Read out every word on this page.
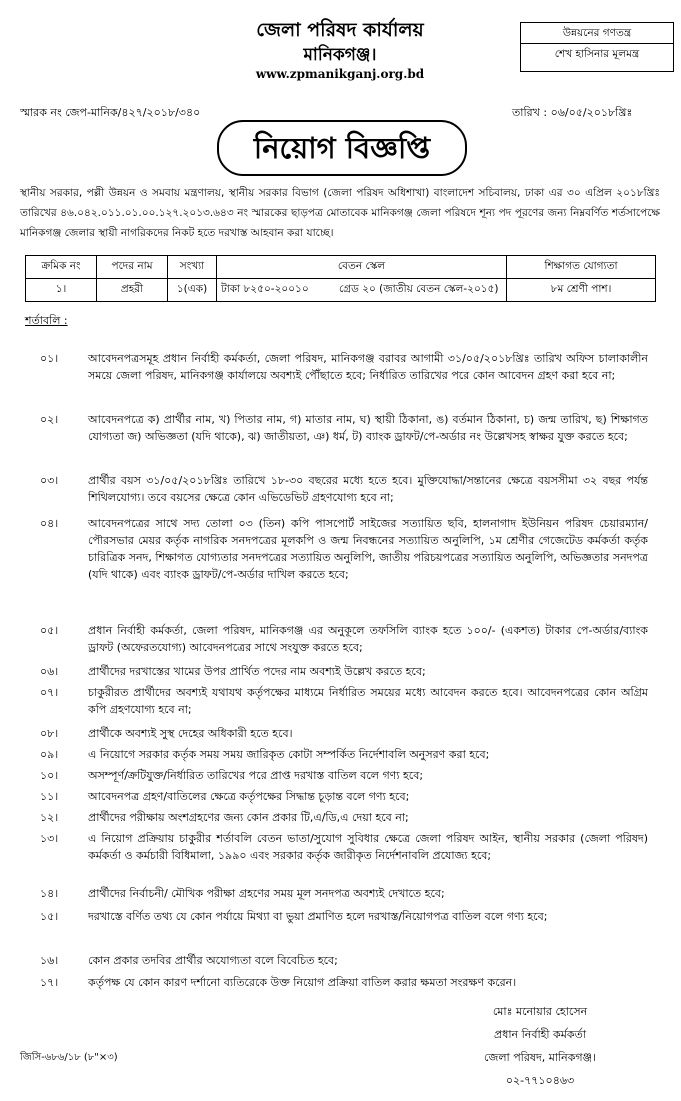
জেলা পরিষদ কার্যালয়
মানিকগঞ্জ।
www.zpmanikganj.org.bd
উন্নয়নের গণতন্ত্র
শেখ হাসিনার মূলমন্ত্র
স্মারক নং জেপ-মানিক/৪২৭/২০১৮/৩৪০	তারিখ : ০৬/০৫/২০১৮খ্রিঃ
নিয়োগ বিজ্ঞপ্তি
স্থানীয় সরকার, পল্লী উন্নয়ন ও সমবায় মন্ত্রণালয়, স্থানীয় সরকার বিভাগ (জেলা পরিষদ অধিশাখা) বাংলাদেশ সচিবালয়, ঢাকা এর ৩০ এপ্রিল ২০১৮খ্রিঃ তারিখের ৪৬.০৪২.০১১.০১.০০.১২৭.২০১৩.৬৪৩ নং স্মারকের ছাড়পত্র মোতাবেক মানিকগঞ্জ জেলা পরিষদে শূন্য পদ পূরণের জন্য নিম্নবর্ণিত শর্তসাপেক্ষে মানিকগঞ্জ জেলার স্থায়ী নাগরিকদের নিকট হতে দরখাস্ত আহবান করা যাচ্ছে।
ক্রমিক নং	পদের নাম	সংখ্যা	বেতন স্কেল		শিক্ষাগত যোগ্যতা
১।	প্রহরী	১(এক)	টাকা ৮২৫০-২০০১০	গ্রেড ২০ (জাতীয় বেতন স্কেল-২০১৫)	৮ম শ্রেণী পাশ।
শর্তাবলি :
০১।	আবেদনপত্রসমূহ প্রধান নির্বাহী কর্মকর্তা, জেলা পরিষদ, মানিকগঞ্জ বরাবর আগামী ৩১/০৫/২০১৮খ্রিঃ তারিখ অফিস চালাকালীন সময়ে জেলা পরিষদ, মানিকগঞ্জ কার্যালয়ে অবশ্যই পৌঁছাতে হবে; নির্ধারিত তারিখের পরে কোন আবেদন গ্রহণ করা হবে না;
০২।	আবেদনপত্রে ক) প্রার্থীর নাম, খ) পিতার নাম, গ) মাতার নাম, ঘ) স্থায়ী ঠিকানা, ঙ) বর্তমান ঠিকানা, চ) জন্ম তারিখ, ছ) শিক্ষাগত যোগ্যতা জ) অভিজ্ঞতা (যদি থাকে), ঝ) জাতীয়তা, ঞ) ধর্ম, ট) ব্যাংক ড্রাফট/পে-অর্ডার নং উল্লেখসহ স্বাক্ষর যুক্ত করতে হবে;
০৩।	প্রার্থীর বয়স ৩১/০৫/২০১৮খ্রিঃ তারিখে ১৮-৩০ বছরের মধ্যে হতে হবে। মুক্তিযোদ্ধা/সন্তানের ক্ষেত্রে বয়সসীমা ৩২ বছর পর্যন্ত শিথিলযোগ্য। তবে বয়সের ক্ষেত্রে কোন এভিডেভিট গ্রহণযোগ্য হবে না;
০৪।	আবেদনপত্রের সাথে সদ্য তোলা ০৩ (তিন) কপি পাসপোর্ট সাইজের সত্যায়িত ছবি, হালনাগাদ ইউনিয়ন পরিষদ চেয়ারম্যান/পৌরসভার মেয়র কর্তৃক নাগরিক সনদপত্রের মূলকপি ও জন্ম নিবন্ধনের সত্যায়িত অনুলিপি, ১ম শ্রেণীর গেজেটেড কর্মকর্তা কর্তৃক চারিত্রিক সনদ, শিক্ষাগত যোগ্যতার সনদপত্রের সত্যায়িত অনুলিপি, জাতীয় পরিচয়পত্রের সত্যায়িত অনুলিপি, অভিজ্ঞতার সনদপত্র (যদি থাকে) এবং ব্যাংক ড্রাফট/পে-অর্ডার দাখিল করতে হবে;
০৫।	প্রধান নির্বাহী কর্মকর্তা, জেলা পরিষদ, মানিকগঞ্জ এর অনুকূলে তফসিলি ব্যাংক হতে ১০০/- (একশত) টাকার পে-অর্ডার/ব্যাংক ড্রাফট (অফেরতযোগ্য) আবেদনপত্রের সাথে সংযুক্ত করতে হবে;
০৬।	প্রার্থীদের দরখাস্তের খামের উপর প্রার্থিত পদের নাম অবশ্যই উল্লেখ করতে হবে;
০৭।	চাকুরীরত প্রার্থীদের অবশ্যই যথাযথ কর্তৃপক্ষের মাধ্যমে নির্ধারিত সময়ের মধ্যে আবেদন করতে হবে। আবেদনপত্রের কোন অগ্রিম কপি গ্রহণযোগ্য হবে না;
০৮।	প্রার্থীকে অবশ্যই সুস্থ দেহের অধিকারী হতে হবে।
০৯।	এ নিয়োগে সরকার কর্তৃক সময় সময় জারিকৃত কোটা সম্পর্কিত নির্দেশাবলি অনুসরণ করা হবে;
১০।	অসম্পূর্ণ/ক্রটিযুক্ত/নির্ধারিত তারিখের পরে প্রাপ্ত দরখাস্ত বাতিল বলে গণ্য হবে;
১১।	আবেদনপত্র গ্রহণ/বাতিলের ক্ষেত্রে কর্তৃপক্ষের সিদ্ধান্ত চূড়ান্ত বলে গণ্য হবে;
১২।	প্রার্থীদের পরীক্ষায় অংশগ্রহণের জন্য কোন প্রকার টি,এ/ডি,এ দেয়া হবে না;
১৩।	এ নিয়োগ প্রক্রিয়ায় চাকুরীর শর্তাবলি বেতন ভাতা/সুযোগ সুবিধার ক্ষেত্রে জেলা পরিষদ আইন, স্থানীয় সরকার (জেলা পরিষদ) কর্মকর্তা ও কর্মচারী বিধিমালা, ১৯৯০ এবং সরকার কর্তৃক জারীকৃত নির্দেশনাবলি প্রযোজ্য হবে;
১৪।	প্রার্থীদের নির্বাচনী/ মৌখিক পরীক্ষা গ্রহণের সময় মূল সনদপত্র অবশ্যই দেখাতে হবে;
১৫।	দরখাস্তে বর্ণিত তথ্য যে কোন পর্যায়ে মিথ্যা বা ভুয়া প্রমাণিত হলে দরখাস্ত/নিয়োগপত্র বাতিল বলে গণ্য হবে;
১৬।	কোন প্রকার তদবির প্রার্থীর অযোগ্যতা বলে বিবেচিত হবে;
১৭।	কর্তৃপক্ষ যে কোন কারণ দর্শানো ব্যতিরেকে উক্ত নিয়োগ প্রক্রিয়া বাতিল করার ক্ষমতা সংরক্ষণ করেন।
মোঃ মনোয়ার হোসেন
প্রধান নির্বাহী কর্মকর্তা
জেলা পরিষদ, মানিকগঞ্জ।
০২-৭৭১০৪৬৩
জিসি-৬৮৬/১৮ (৮"×৩)
